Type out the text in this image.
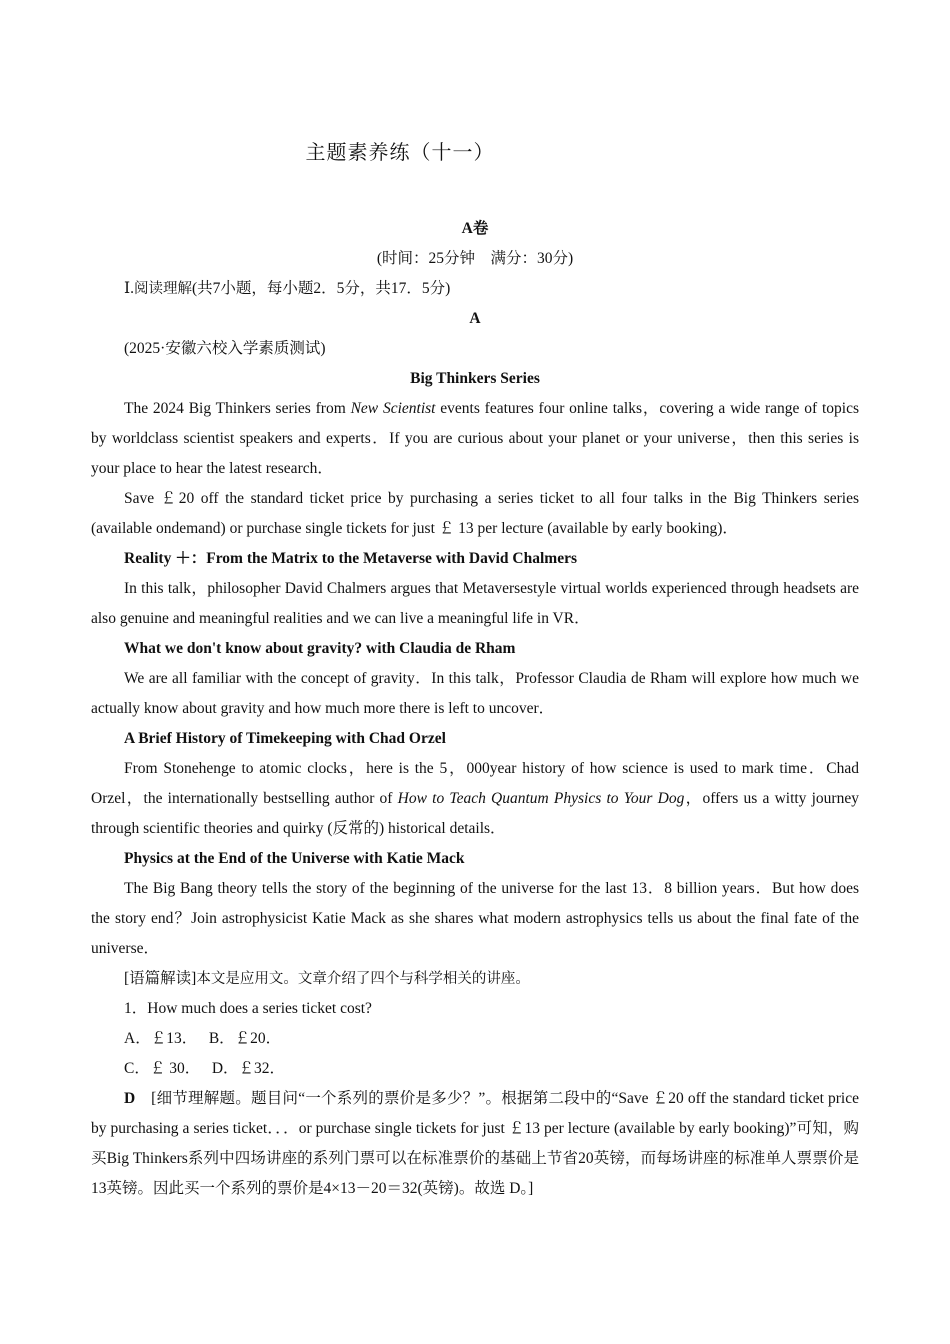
主题素养练（十一）

A卷

(时间：25分钟　满分：30分)

Ⅰ.阅读理解(共7小题，每小题2．5分，共17．5分)

A

(2025·安徽六校入学素质测试)

Big Thinkers Series

The 2024 Big Thinkers series from New Scientist events features four online talks，covering a wide range of topics by worldclass scientist speakers and experts．If you are curious about your planet or your universe，then this series is your place to hear the latest research．

Save ￡20 off the standard ticket price by purchasing a series ticket to all four talks in the Big Thinkers series (available ondemand) or purchase single tickets for just ￡ 13 per lecture (available by early booking)．

Reality ＋：From the Matrix to the Metaverse with David Chalmers

In this talk，philosopher David Chalmers argues that Metaversestyle virtual worlds experienced through headsets are also genuine and meaningful realities and we can live a meaningful life in VR．

What we don't know about gravity? with Claudia de Rham

We are all familiar with the concept of gravity．In this talk，Professor Claudia de Rham will explore how much we actually know about gravity and how much more there is left to uncover．

A Brief History of Timekeeping with Chad Orzel

From Stonehenge to atomic clocks，here is the 5，000year history of how science is used to mark time．Chad Orzel，the internationally bestselling author of How to Teach Quantum Physics to Your Dog，offers us a witty journey through scientific theories and quirky (反常的) historical details．

Physics at the End of the Universe with Katie Mack

The Big Bang theory tells the story of the beginning of the universe for the last 13．8 billion years．But how does the story end？Join astrophysicist Katie Mack as she shares what modern astrophysics tells us about the final fate of the universe．

[语篇解读]本文是应用文。文章介绍了四个与科学相关的讲座。

1．How much does a series ticket cost?

A．￡13．　 B．￡20．

C．￡ 30．　 D．￡32．

D　[细节理解题。题目问“一个系列的票价是多少？”。根据第二段中的“Save ￡20 off the standard ticket price by purchasing a series ticket．．．or purchase single tickets for just ￡13 per lecture (available by early booking)”可知，购买Big Thinkers系列中四场讲座的系列门票可以在标准票价的基础上节省20英镑，而每场讲座的标准单人票票价是13英镑。因此买一个系列的票价是4×13－20＝32(英镑)。故选 D。]
